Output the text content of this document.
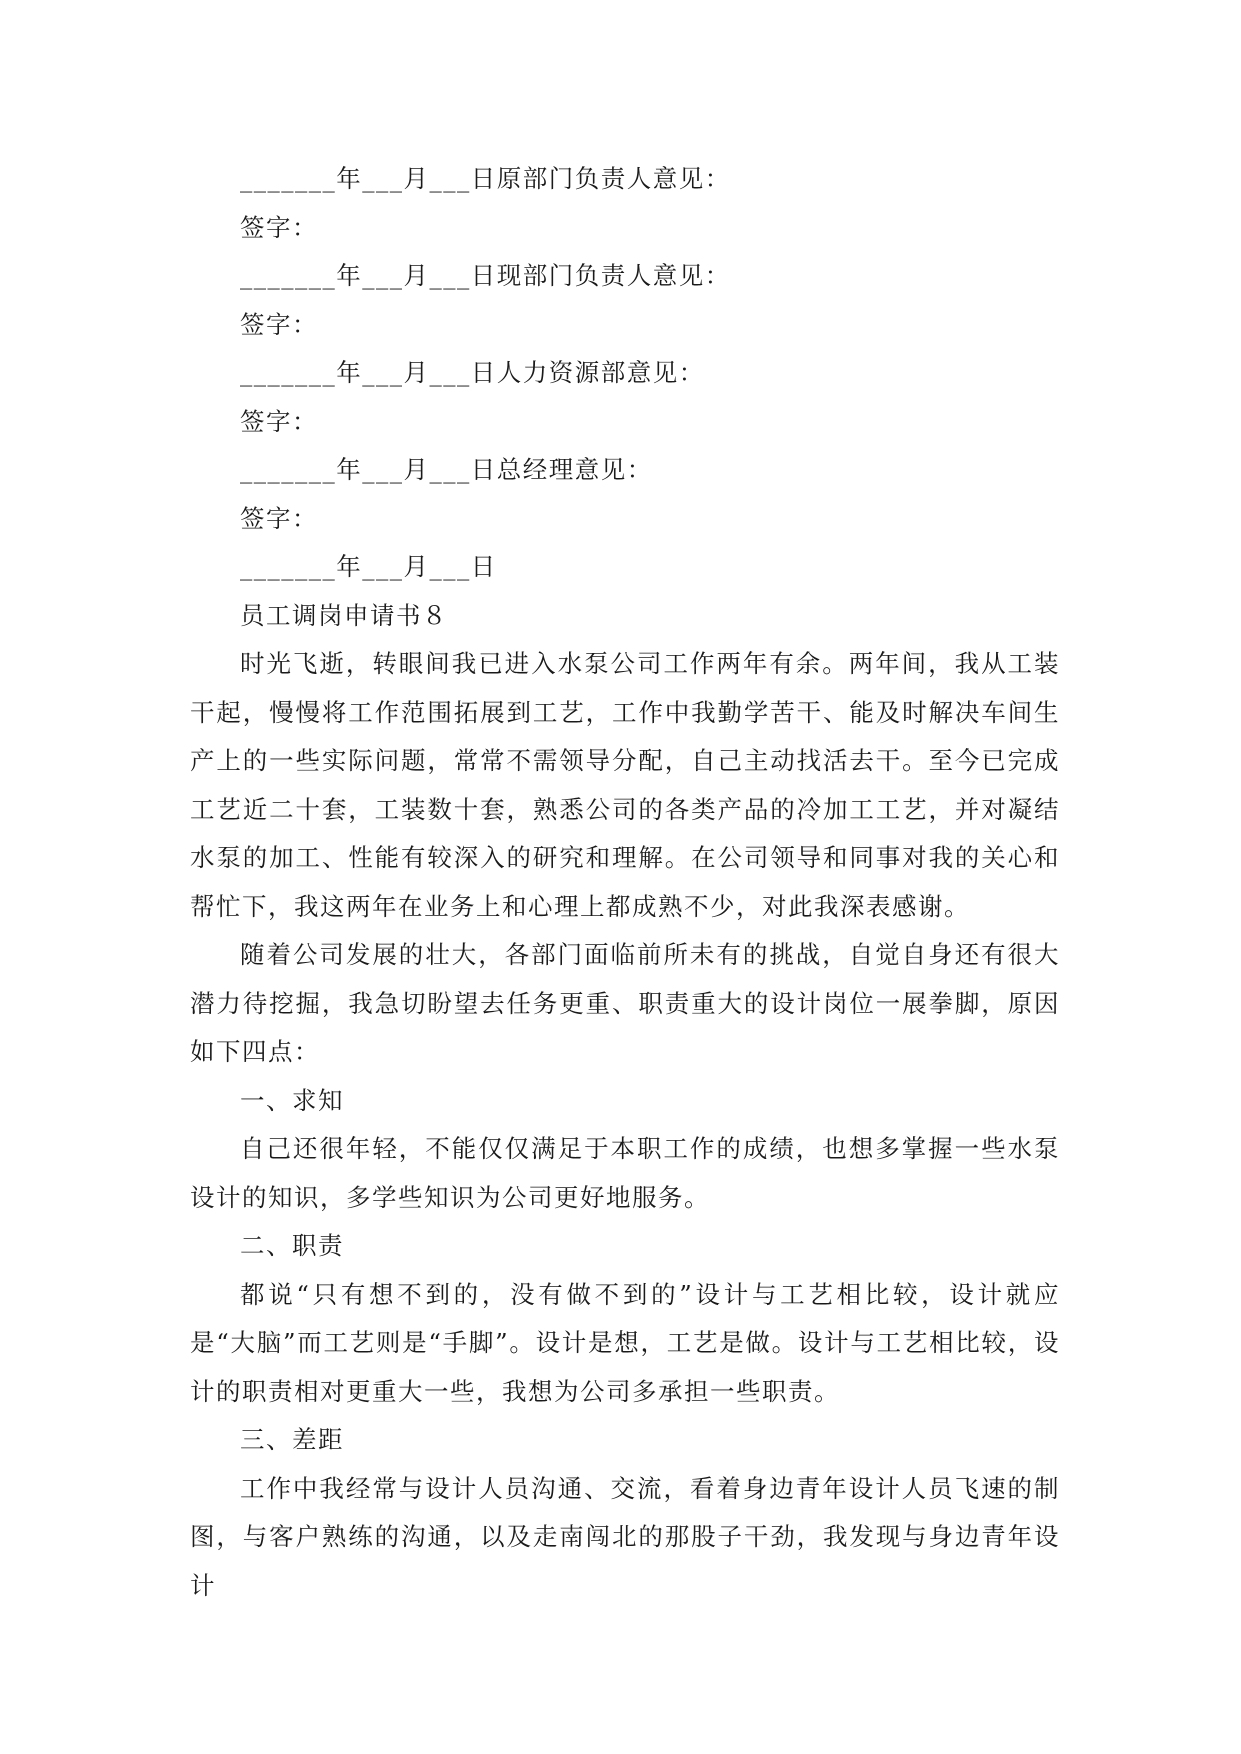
_______年___月___日原部门负责人意见：

签字：

_______年___月___日现部门负责人意见：

签字：

_______年___月___日人力资源部意见：

签字：

_______年___月___日总经理意见：

签字：

_______年___月___日

员工调岗申请书８

时光飞逝，转眼间我已进入水泵公司工作两年有余。两年间，我从工装干起，慢慢将工作范围拓展到工艺，工作中我勤学苦干、能及时解决车间生产上的一些实际问题，常常不需领导分配，自己主动找活去干。至今已完成工艺近二十套，工装数十套，熟悉公司的各类产品的冷加工工艺，并对凝结水泵的加工、性能有较深入的研究和理解。在公司领导和同事对我的关心和帮忙下，我这两年在业务上和心理上都成熟不少，对此我深表感谢。

随着公司发展的壮大，各部门面临前所未有的挑战，自觉自身还有很大潜力待挖掘，我急切盼望去任务更重、职责重大的设计岗位一展拳脚，原因如下四点：

一、求知

自己还很年轻，不能仅仅满足于本职工作的成绩，也想多掌握一些水泵设计的知识，多学些知识为公司更好地服务。

二、职责

都说“只有想不到的，没有做不到的”设计与工艺相比较，设计就应是“大脑”而工艺则是“手脚”。设计是想，工艺是做。设计与工艺相比较，设计的职责相对更重大一些，我想为公司多承担一些职责。

三、差距

工作中我经常与设计人员沟通、交流，看着身边青年设计人员飞速的制图，与客户熟练的沟通，以及走南闯北的那股子干劲，我发现与身边青年设计
